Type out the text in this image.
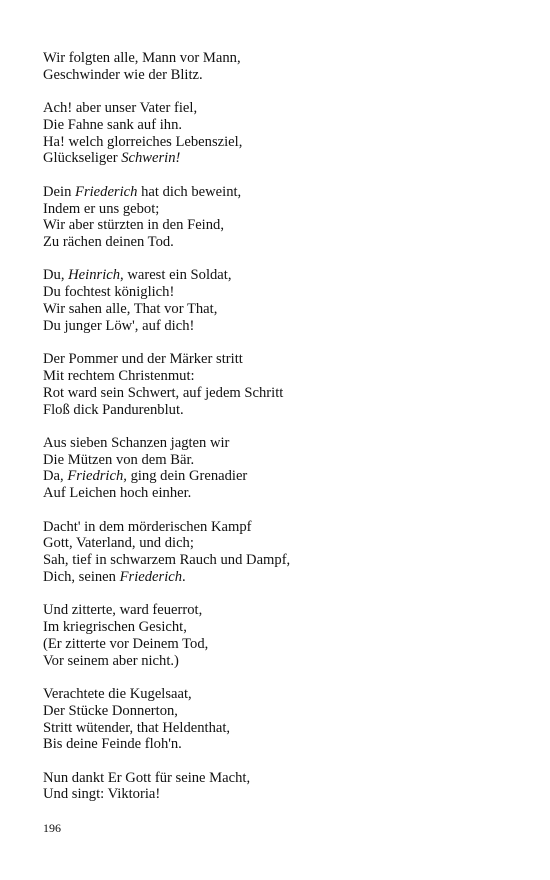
Wir folgten alle, Mann vor Mann,
Geschwinder wie der Blitz.
Ach! aber unser Vater fiel,
Die Fahne sank auf ihn.
Ha! welch glorreiches Lebensziel,
Glückseliger Schwerin!
Dein Friederich hat dich beweint,
Indem er uns gebot;
Wir aber stürzten in den Feind,
Zu rächen deinen Tod.
Du, Heinrich, warest ein Soldat,
Du fochtest königlich!
Wir sahen alle, That vor That,
Du junger Löw', auf dich!
Der Pommer und der Märker stritt
Mit rechtem Christenmut:
Rot ward sein Schwert, auf jedem Schritt
Floß dick Pandurenblut.
Aus sieben Schanzen jagten wir
Die Mützen von dem Bär.
Da, Friedrich, ging dein Grenadier
Auf Leichen hoch einher.
Dacht' in dem mörderischen Kampf
Gott, Vaterland, und dich;
Sah, tief in schwarzem Rauch und Dampf,
Dich, seinen Friederich.
Und zitterte, ward feuerrot,
Im kriegrischen Gesicht,
(Er zitterte vor Deinem Tod,
Vor seinem aber nicht.)
Verachtete die Kugelsaat,
Der Stücke Donnerton,
Stritt wütender, that Heldenthat,
Bis deine Feinde floh'n.
Nun dankt Er Gott für seine Macht,
Und singt: Viktoria!
196
